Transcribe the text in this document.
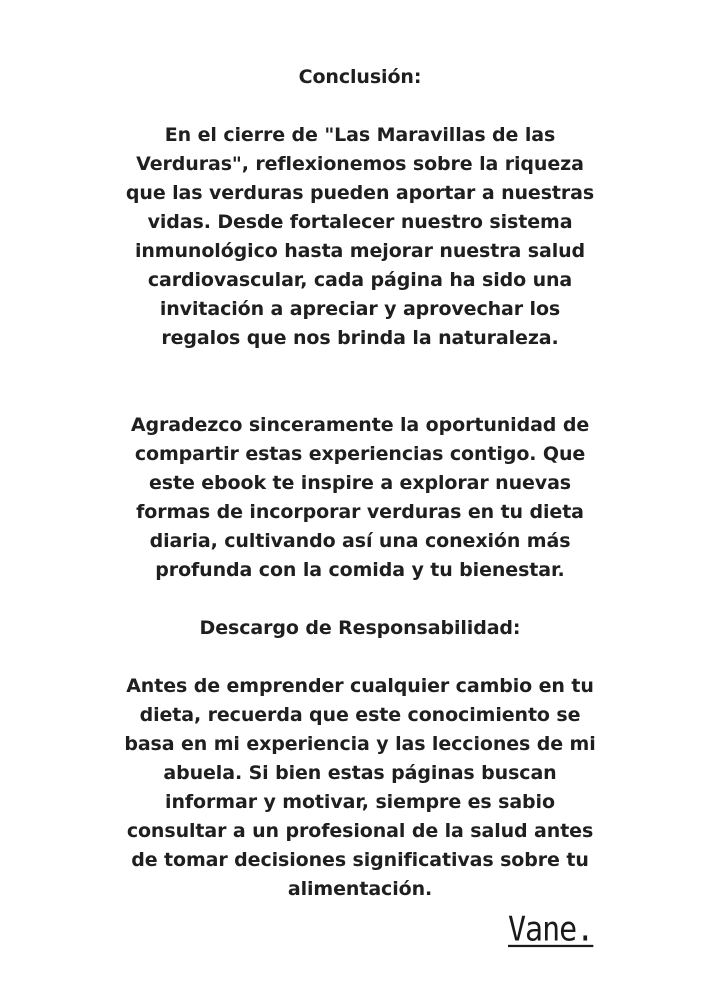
Conclusión:
En el cierre de "Las Maravillas de las Verduras", reflexionemos sobre la riqueza que las verduras pueden aportar a nuestras vidas. Desde fortalecer nuestro sistema inmunológico hasta mejorar nuestra salud cardiovascular, cada página ha sido una invitación a apreciar y aprovechar los regalos que nos brinda la naturaleza.
Agradezco sinceramente la oportunidad de compartir estas experiencias contigo. Que este ebook te inspire a explorar nuevas formas de incorporar verduras en tu dieta diaria, cultivando así una conexión más profunda con la comida y tu bienestar.
Descargo de Responsabilidad:
Antes de emprender cualquier cambio en tu dieta, recuerda que este conocimiento se basa en mi experiencia y las lecciones de mi abuela. Si bien estas páginas buscan informar y motivar, siempre es sabio consultar a un profesional de la salud antes de tomar decisiones significativas sobre tu alimentación.
Vane.
